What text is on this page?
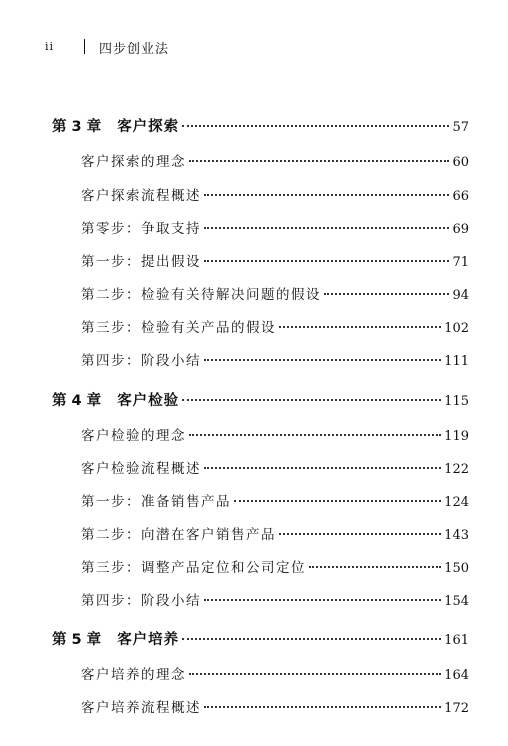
ii	四步创业法
第 3 章 客户探索	57
客户探索的理念	60
客户探索流程概述	66
第零步：争取支持	69
第一步：提出假设	71
第二步：检验有关待解决问题的假设	94
第三步：检验有关产品的假设	102
第四步：阶段小结	111
第 4 章 客户检验	115
客户检验的理念	119
客户检验流程概述	122
第一步：准备销售产品	124
第二步：向潜在客户销售产品	143
第三步：调整产品定位和公司定位	150
第四步：阶段小结	154
第 5 章 客户培养	161
客户培养的理念	164
客户培养流程概述	172
